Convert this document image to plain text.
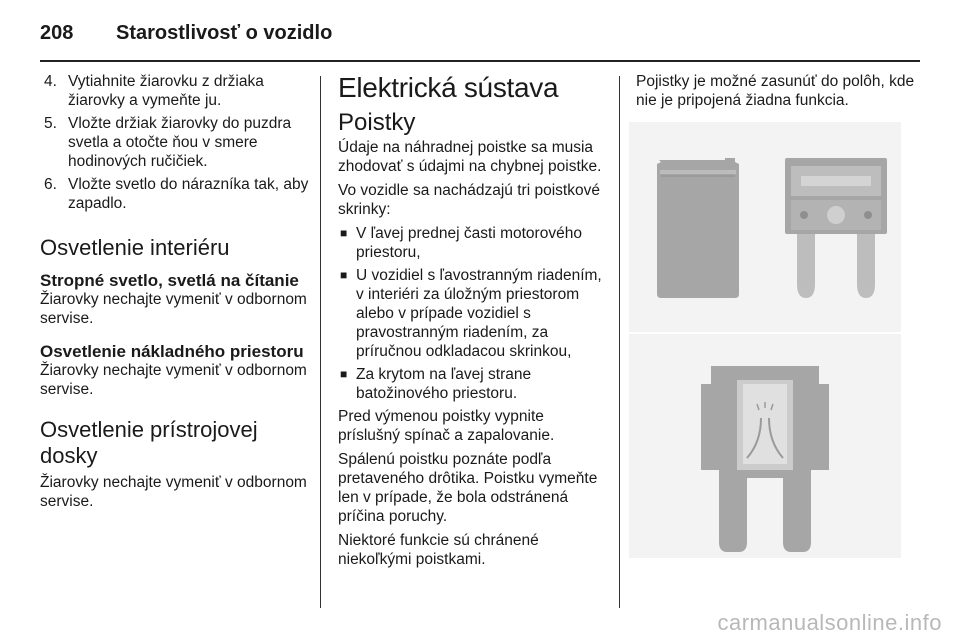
208 Starostlivosť o vozidlo
4. Vytiahnite žiarovku z držiaka žiarovky a vymeňte ju.
5. Vložte držiak žiarovky do puzdra svetla a otočte ňou v smere hodinových ručičiek.
6. Vložte svetlo do nárazníka tak, aby zapadlo.
Osvetlenie interiéru
Stropné svetlo, svetlá na čítanie

Žiarovky nechajte vymeniť v odbornom servise.

Osvetlenie nákladného priestoru

Žiarovky nechajte vymeniť v odbornom servise.

Osvetlenie prístrojovej dosky

Žiarovky nechajte vymeniť v odbornom servise.

Elektrická sústava
Poistky

Údaje na náhradnej poistke sa musia zhodovať s údajmi na chybnej poistke.

Vo vozidle sa nachádzajú tri poistkové skrinky:

■ V ľavej prednej časti motorového priestoru,
■ U vozidiel s ľavostranným riadením, v interiéri za úložným priestorom alebo v prípade vozidiel s pravostranným riadením, za príručnou odkladacou skrinkou,
■ Za krytom na ľavej strane batožinového priestoru.

Pred výmenou poistky vypnite príslušný spínač a zapalovanie.

Spálenú poistku poznáte podľa pretaveného drôtika. Poistku vymeňte len v prípade, že bola odstránená príčina poruchy.

Niektoré funkcie sú chránené niekoľkými poistkami.

Pojistky je možné zasunúť do polôh, kde nie je pripojená žiadna funkcia.

carmanualsonline.info
